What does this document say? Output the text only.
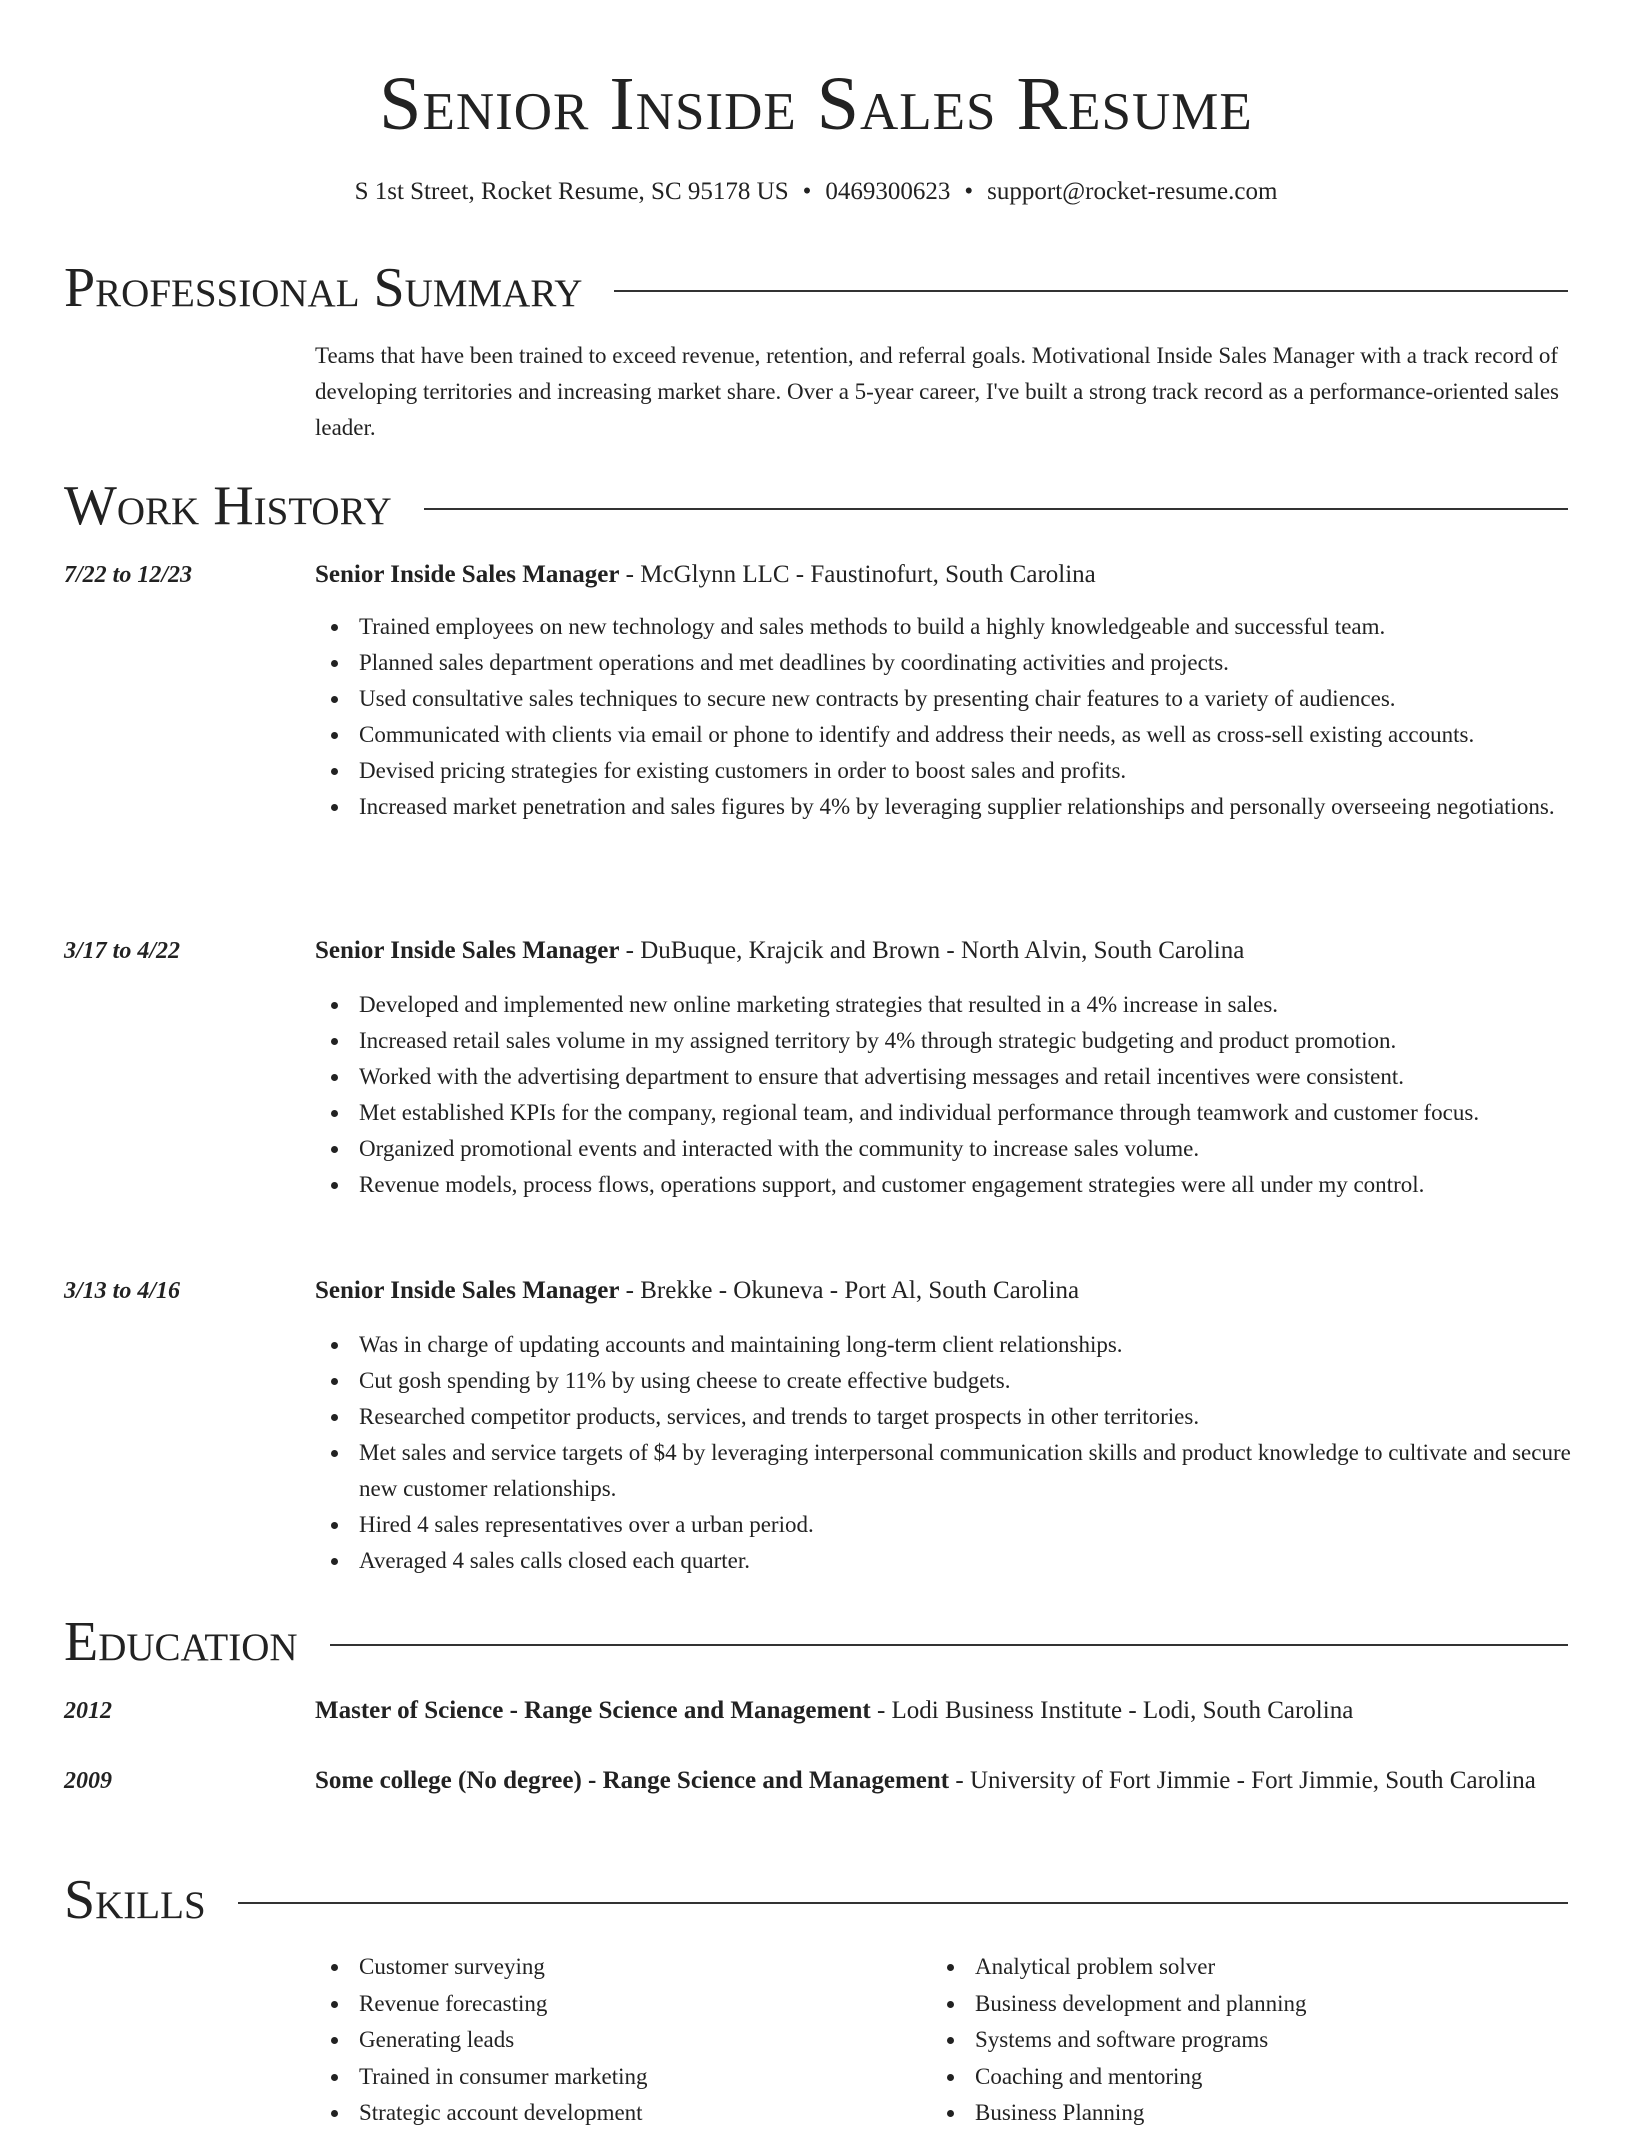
Senior Inside Sales Resume
S 1st Street, Rocket Resume, SC 95178 US • 0469300623 • support@rocket-resume.com
Professional Summary

Teams that have been trained to exceed revenue, retention, and referral goals. Motivational Inside Sales Manager with a track record of developing territories and increasing market share. Over a 5-year career, I've built a strong track record as a performance-oriented sales leader.

Work History
7/22 to 12/23	Senior Inside Sales Manager - McGlynn LLC - Faustinofurt, South Carolina
Trained employees on new technology and sales methods to build a highly knowledgeable and successful team.
Planned sales department operations and met deadlines by coordinating activities and projects.
Used consultative sales techniques to secure new contracts by presenting chair features to a variety of audiences.
Communicated with clients via email or phone to identify and address their needs, as well as cross-sell existing accounts.
Devised pricing strategies for existing customers in order to boost sales and profits.
Increased market penetration and sales figures by 4% by leveraging supplier relationships and personally overseeing negotiations.
3/17 to 4/22	Senior Inside Sales Manager - DuBuque, Krajcik and Brown - North Alvin, South Carolina
Developed and implemented new online marketing strategies that resulted in a 4% increase in sales.
Increased retail sales volume in my assigned territory by 4% through strategic budgeting and product promotion.
Worked with the advertising department to ensure that advertising messages and retail incentives were consistent.
Met established KPIs for the company, regional team, and individual performance through teamwork and customer focus.
Organized promotional events and interacted with the community to increase sales volume.
Revenue models, process flows, operations support, and customer engagement strategies were all under my control.
3/13 to 4/16	Senior Inside Sales Manager - Brekke - Okuneva - Port Al, South Carolina
Was in charge of updating accounts and maintaining long-term client relationships.
Cut gosh spending by 11% by using cheese to create effective budgets.
Researched competitor products, services, and trends to target prospects in other territories.
Met sales and service targets of $4 by leveraging interpersonal communication skills and product knowledge to cultivate and secure new customer relationships.
Hired 4 sales representatives over a urban period.
Averaged 4 sales calls closed each quarter.
Education
2012	Master of Science - Range Science and Management - Lodi Business Institute - Lodi, South Carolina
2009	Some college (No degree) - Range Science and Management - University of Fort Jimmie - Fort Jimmie, South Carolina
Skills
Customer surveying
Revenue forecasting
Generating leads
Trained in consumer marketing
Strategic account development
Analytical problem solver
Business development and planning
Systems and software programs
Coaching and mentoring
Business Planning
